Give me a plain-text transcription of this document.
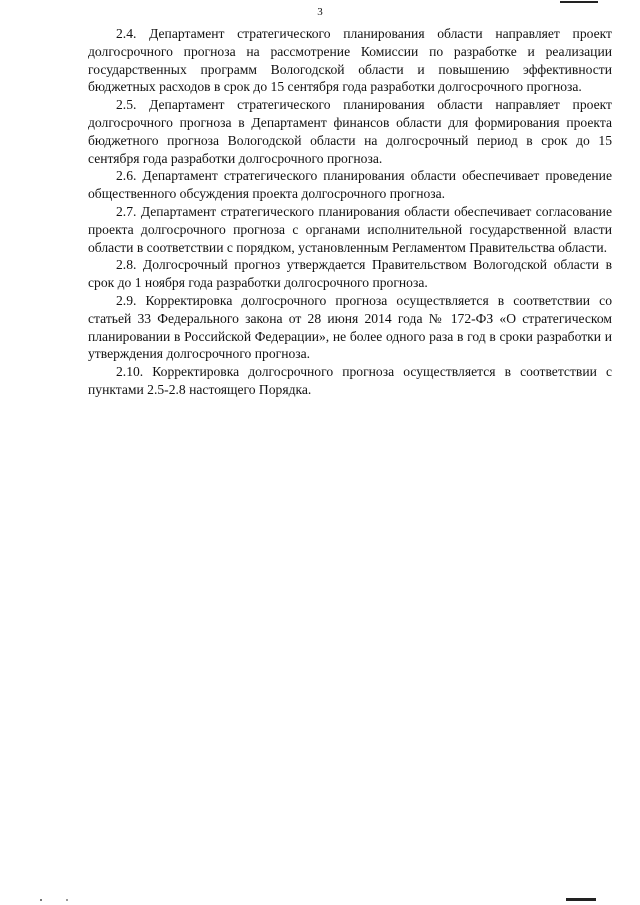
3

2.4. Департамент стратегического планирования области направляет проект долгосрочного прогноза на рассмотрение Комиссии по разработке и реализации государственных программ Вологодской области и повышению эффективности бюджетных расходов в срок до 15 сентября года разработки долгосрочного прогноза.

2.5. Департамент стратегического планирования области направляет проект долгосрочного прогноза в Департамент финансов области для формирования проекта бюджетного прогноза Вологодской области на долгосрочный период в срок до 15 сентября года разработки долгосрочного прогноза.

2.6. Департамент стратегического планирования области обеспечивает проведение общественного обсуждения проекта долгосрочного прогноза.

2.7. Департамент стратегического планирования области обеспечивает согласование проекта долгосрочного прогноза с органами исполнительной государственной власти области в соответствии с порядком, установленным Регламентом Правительства области.

2.8. Долгосрочный прогноз утверждается Правительством Вологодской области в срок до 1 ноября года разработки долгосрочного прогноза.

2.9. Корректировка долгосрочного прогноза осуществляется в соответствии со статьей 33 Федерального закона от 28 июня 2014 года № 172-ФЗ «О стратегическом планировании в Российской Федерации», не более одного раза в год в сроки разработки и утверждения долгосрочного прогноза.

2.10. Корректировка долгосрочного прогноза осуществляется в соответствии с пунктами 2.5-2.8 настоящего Порядка.
